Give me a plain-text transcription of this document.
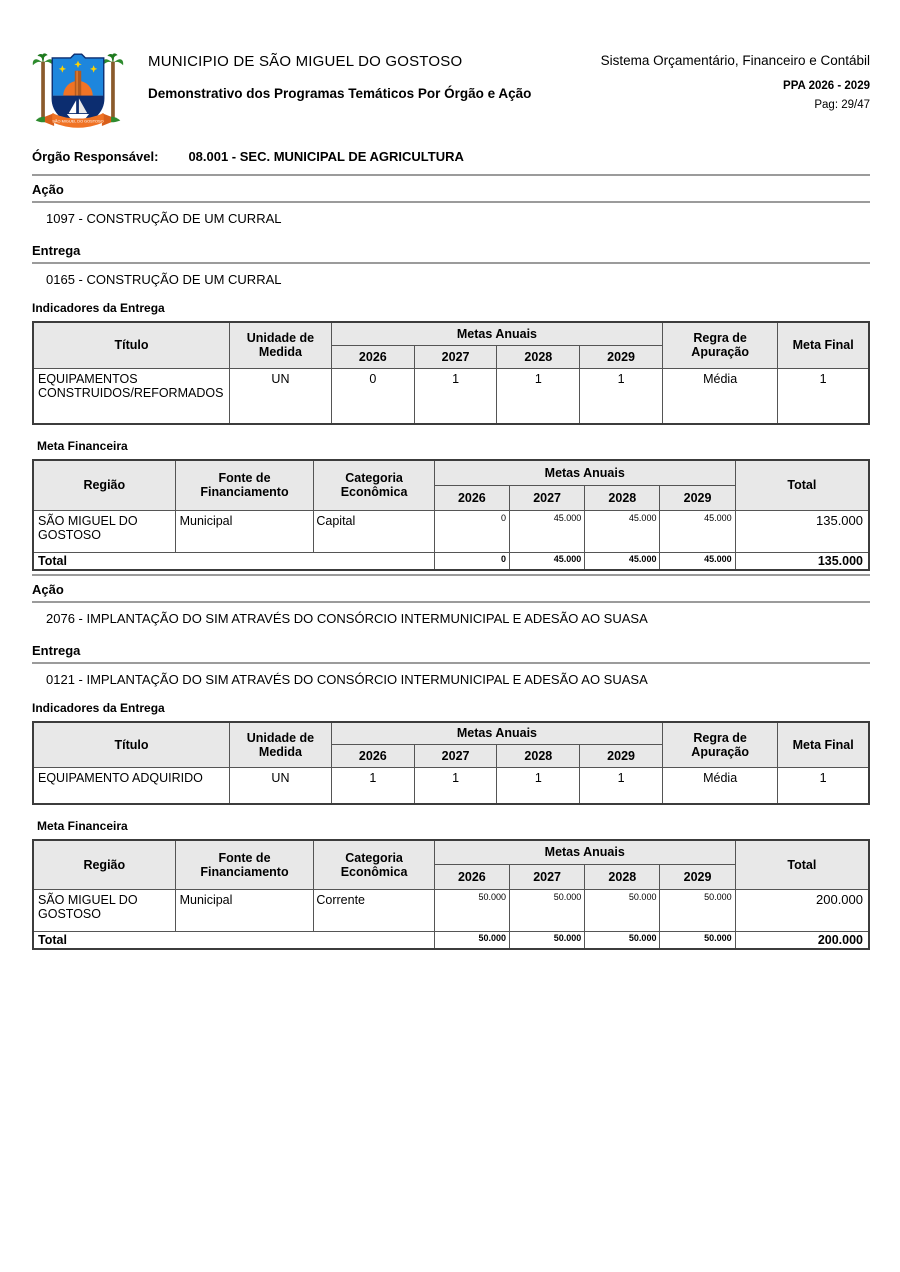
SÃO MIGUEL DO GOSTOSO
MUNICIPIO DE SÃO MIGUEL DO GOSTOSO
Demonstrativo dos Programas Temáticos Por Órgão e Ação
Sistema Orçamentário, Financeiro e Contábil
PPA 2026 - 2029
Pag: 29/47
Órgão Responsável: 08.001 - SEC. MUNICIPAL DE AGRICULTURA
Ação
1097 - CONSTRUÇÃO DE UM CURRAL
Entrega
0165 - CONSTRUÇÃO DE UM CURRAL
Indicadores da Entrega
Título	Unidade de Medida	Metas Anuais				Regra de Apuração	Meta Final
		2026	2027	2028	2029		
EQUIPAMENTOS CONSTRUIDOS/REFORMADOS	UN	0	1	1	1	Média	1
Meta Financeira
Região	Fonte de Financiamento	Categoria Econômica	Metas Anuais				Total
			2026	2027	2028	2029	
SÃO MIGUEL DO GOSTOSO	Municipal	Capital	0	45.000	45.000	45.000	135.000
Total			0	45.000	45.000	45.000	135.000
Ação
2076 - IMPLANTAÇÃO DO SIM ATRAVÉS DO CONSÓRCIO INTERMUNICIPAL E ADESÃO AO SUASA
Entrega
0121 - IMPLANTAÇÃO DO SIM ATRAVÉS DO CONSÓRCIO INTERMUNICIPAL E ADESÃO AO SUASA
Indicadores da Entrega
Título	Unidade de Medida	Metas Anuais				Regra de Apuração	Meta Final
		2026	2027	2028	2029		
EQUIPAMENTO ADQUIRIDO	UN	1	1	1	1	Média	1
Meta Financeira
Região	Fonte de Financiamento	Categoria Econômica	Metas Anuais				Total
			2026	2027	2028	2029	
SÃO MIGUEL DO GOSTOSO	Municipal	Corrente	50.000	50.000	50.000	50.000	200.000
Total			50.000	50.000	50.000	50.000	200.000
